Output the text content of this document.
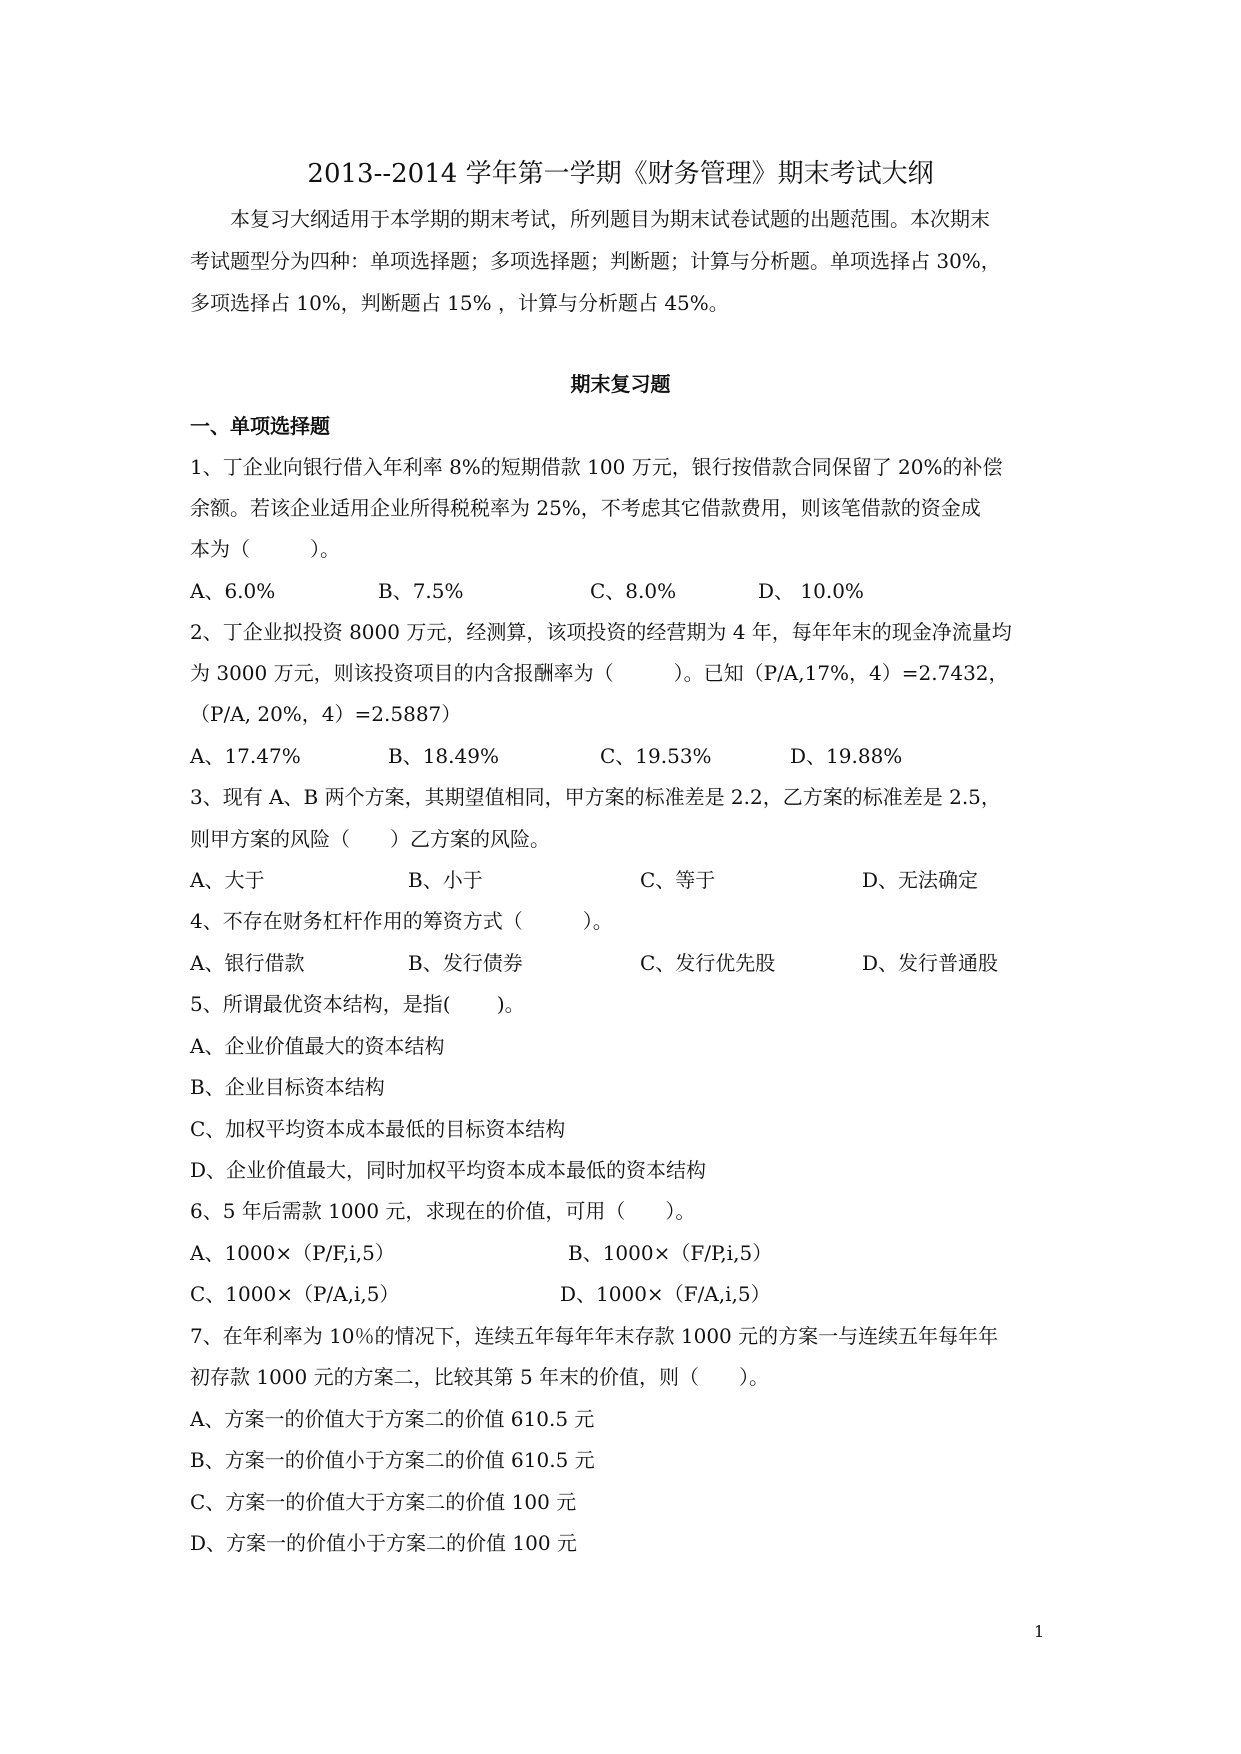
2013--2014 学年第一学期《财务管理》期末考试大纲

本复习大纲适用于本学期的期末考试，所列题目为期末试卷试题的出题范围。本次期末

考试题型分为四种：单项选择题；多项选择题；判断题；计算与分析题。单项选择占 30%，

多项选择占 10%，判断题占 15% ，计算与分析题占 45%。

期末复习题
一、单项选择题
1、丁企业向银行借入年利率 8%的短期借款 100 万元，银行按借款合同保留了 20%的补偿
余额。若该企业适用企业所得税税率为 25%，不考虑其它借款费用，则该笔借款的资金成
本为（　　　）。
A、6.0%	B、7.5%	C、8.0%	D、 10.0%
2、丁企业拟投资 8000 万元，经测算，该项投资的经营期为 4 年，每年年末的现金净流量均
为 3000 万元，则该投资项目的内含报酬率为（　　　）。已知（P/A,17%，4）=2.7432，
（P/A, 20%，4）=2.5887）
A、17.47%	B、18.49%	C、19.53%	D、19.88%
3、现有 A、B 两个方案，其期望值相同，甲方案的标准差是 2.2，乙方案的标准差是 2.5，
则甲方案的风险（　　）乙方案的风险。
A、大于	B、小于	C、等于	D、无法确定
4、不存在财务杠杆作用的筹资方式（　　　）。
A、银行借款	B、发行债券	C、发行优先股	D、发行普通股
5、所谓最优资本结构，是指(　　 )。
A、企业价值最大的资本结构
B、企业目标资本结构
C、加权平均资本成本最低的目标资本结构
D、企业价值最大，同时加权平均资本成本最低的资本结构
6、5 年后需款 1000 元，求现在的价值，可用（　　）。
A、1000×（P/F,i,5）	B、1000×（F/P,i,5）
C、1000×（P/A,i,5）	D、1000×（F/A,i,5）
7、在年利率为 10％的情况下，连续五年每年年末存款 1000 元的方案一与连续五年每年年
初存款 1000 元的方案二，比较其第 5 年末的价值，则（　　）。
A、方案一的价值大于方案二的价值 610.5 元
B、方案一的价值小于方案二的价值 610.5 元
C、方案一的价值大于方案二的价值 100 元
D、方案一的价值小于方案二的价值 100 元
1
